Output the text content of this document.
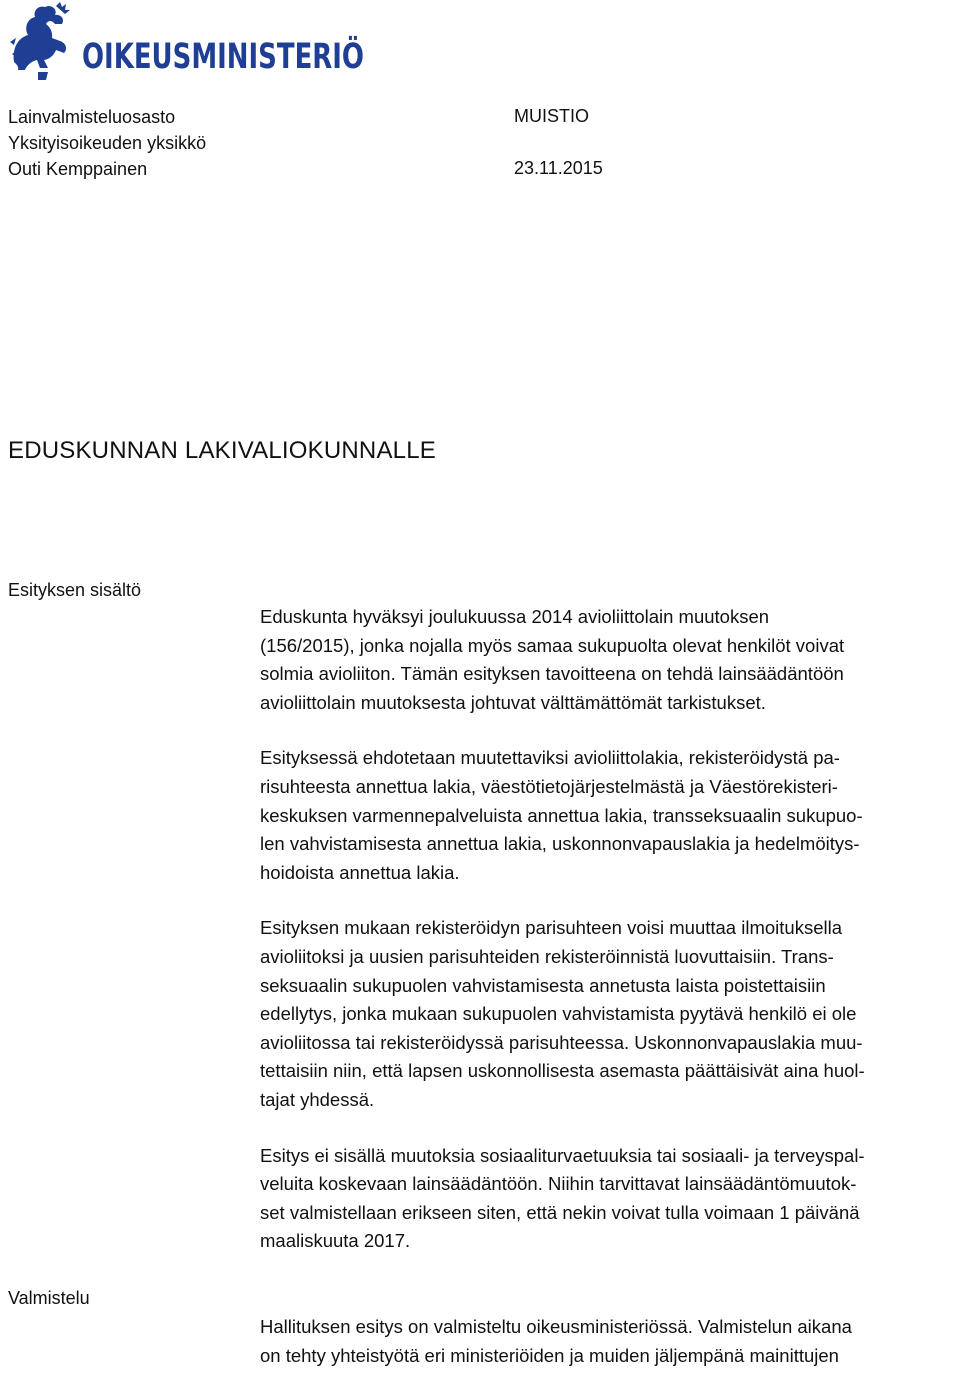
OIKEUSMINISTERIÖ
Lainvalmisteluosasto
Yksityisoikeuden yksikkö
Outi Kemppainen
MUISTIO
23.11.2015
EDUSKUNNAN LAKIVALIOKUNNALLE
Esityksen sisältö

Eduskunta hyväksyi joulukuussa 2014 avioliittolain muutoksen
(156/2015), jonka nojalla myös samaa sukupuolta olevat henkilöt voivat
solmia avioliiton. Tämän esityksen tavoitteena on tehdä lainsäädäntöön
avioliittolain muutoksesta johtuvat välttämättömät tarkistukset.

Esityksessä ehdotetaan muutettaviksi avioliittolakia, rekisteröidystä pa-
risuhteesta annettua lakia, väestötietojärjestelmästä ja Väestörekisteri-
keskuksen varmennepalveluista annettua lakia, transseksuaalin sukupuo-
len vahvistamisesta annettua lakia, uskonnonvapauslakia ja hedelmöitys-
hoidoista annettua lakia.

Esityksen mukaan rekisteröidyn parisuhteen voisi muuttaa ilmoituksella
avioliitoksi ja uusien parisuhteiden rekisteröinnistä luovuttaisiin. Trans-
seksuaalin sukupuolen vahvistamisesta annetusta laista poistettaisiin
edellytys, jonka mukaan sukupuolen vahvistamista pyytävä henkilö ei ole
avioliitossa tai rekisteröidyssä parisuhteessa. Uskonnonvapauslakia muu-
tettaisiin niin, että lapsen uskonnollisesta asemasta päättäisivät aina huol-
tajat yhdessä.

Esitys ei sisällä muutoksia sosiaaliturvaetuuksia tai sosiaali- ja terveyspal-
veluita koskevaan lainsäädäntöön. Niihin tarvittavat lainsäädäntömuutok-
set valmistellaan erikseen siten, että nekin voivat tulla voimaan 1 päivänä
maaliskuuta 2017.

Valmistelu

Hallituksen esitys on valmisteltu oikeusministeriössä. Valmistelun aikana
on tehty yhteistyötä eri ministeriöiden ja muiden jäljempänä mainittujen
